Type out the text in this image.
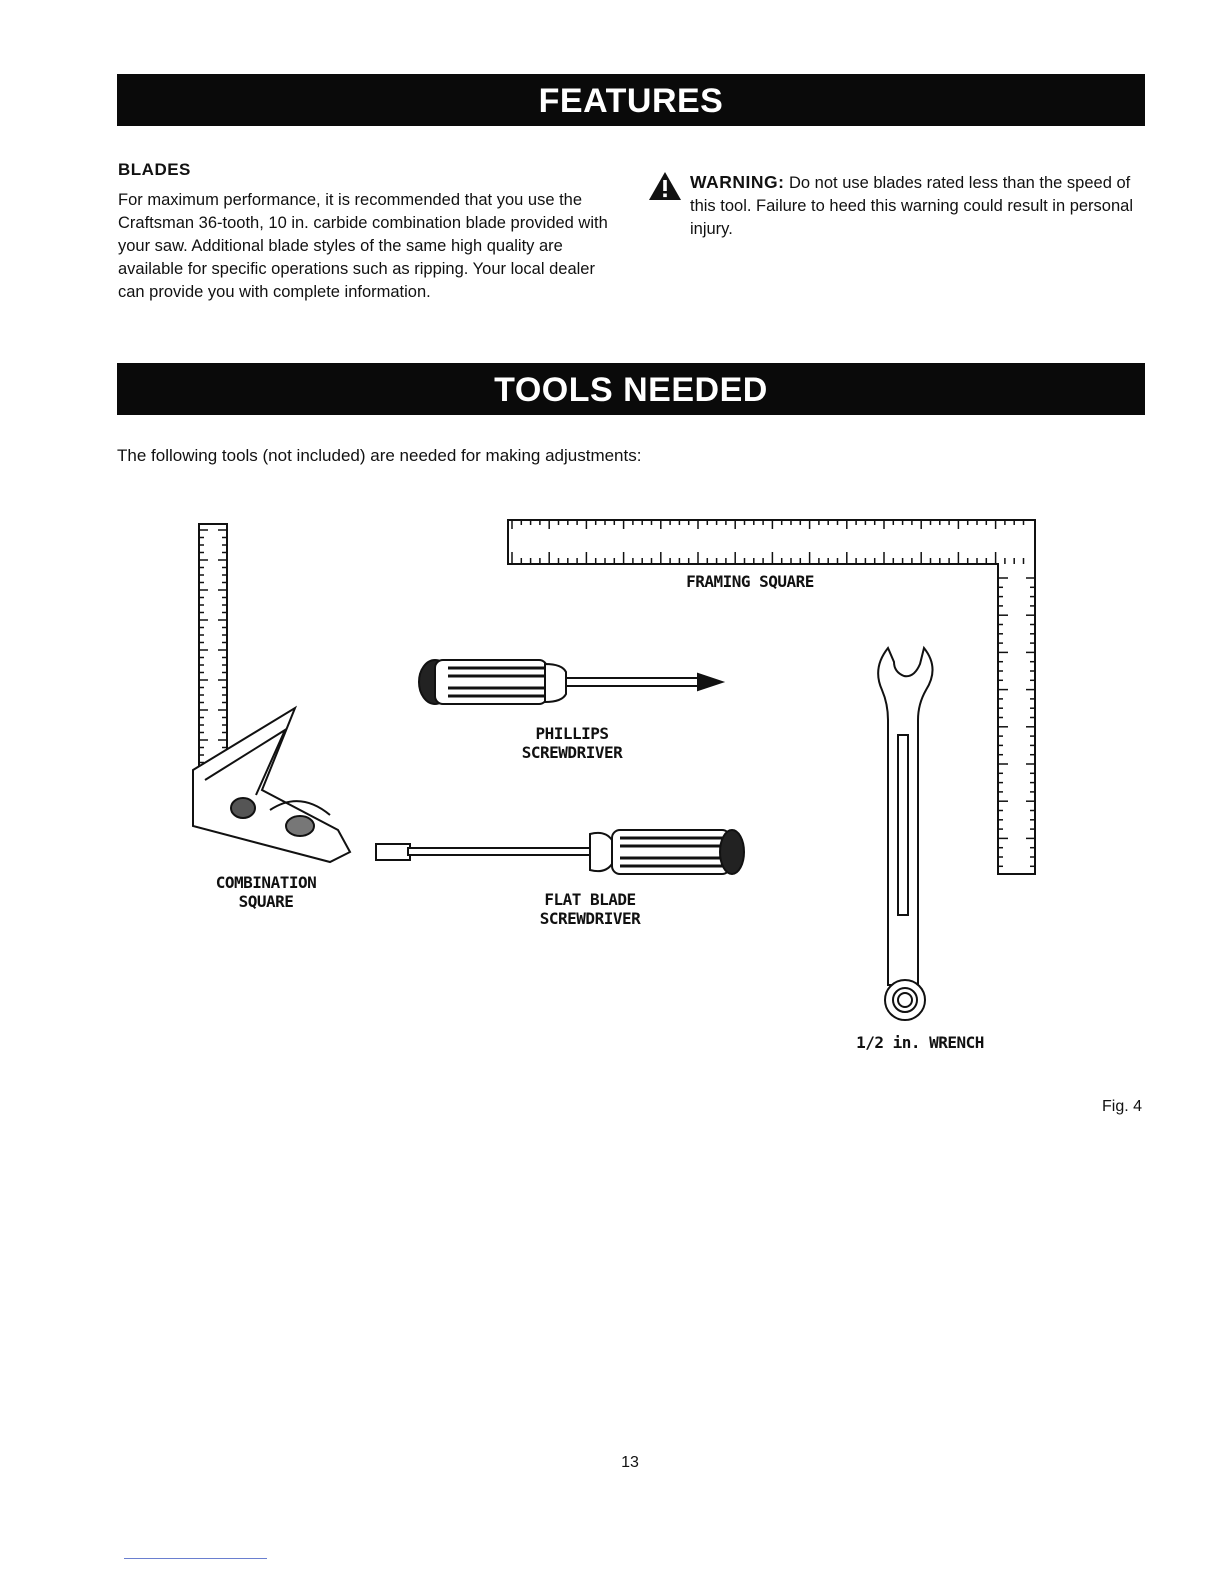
FEATURES
BLADES
For maximum performance, it is recommended that you use the Craftsman 36-tooth, 10 in. carbide combination blade provided with your saw. Additional blade styles of the same high quality are available for specific operations such as ripping. Your local dealer can provide you with complete information.
WARNING: Do not use blades rated less than the speed of this tool. Failure to heed this warning could result in personal injury.
TOOLS NEEDED
The following tools (not included) are needed for making adjustments:
FRAMING SQUARE
PHILLIPS
SCREWDRIVER
COMBINATION
SQUARE	FLAT BLADE
SCREWDRIVER
1/2 in. WRENCH
Fig. 4
13
